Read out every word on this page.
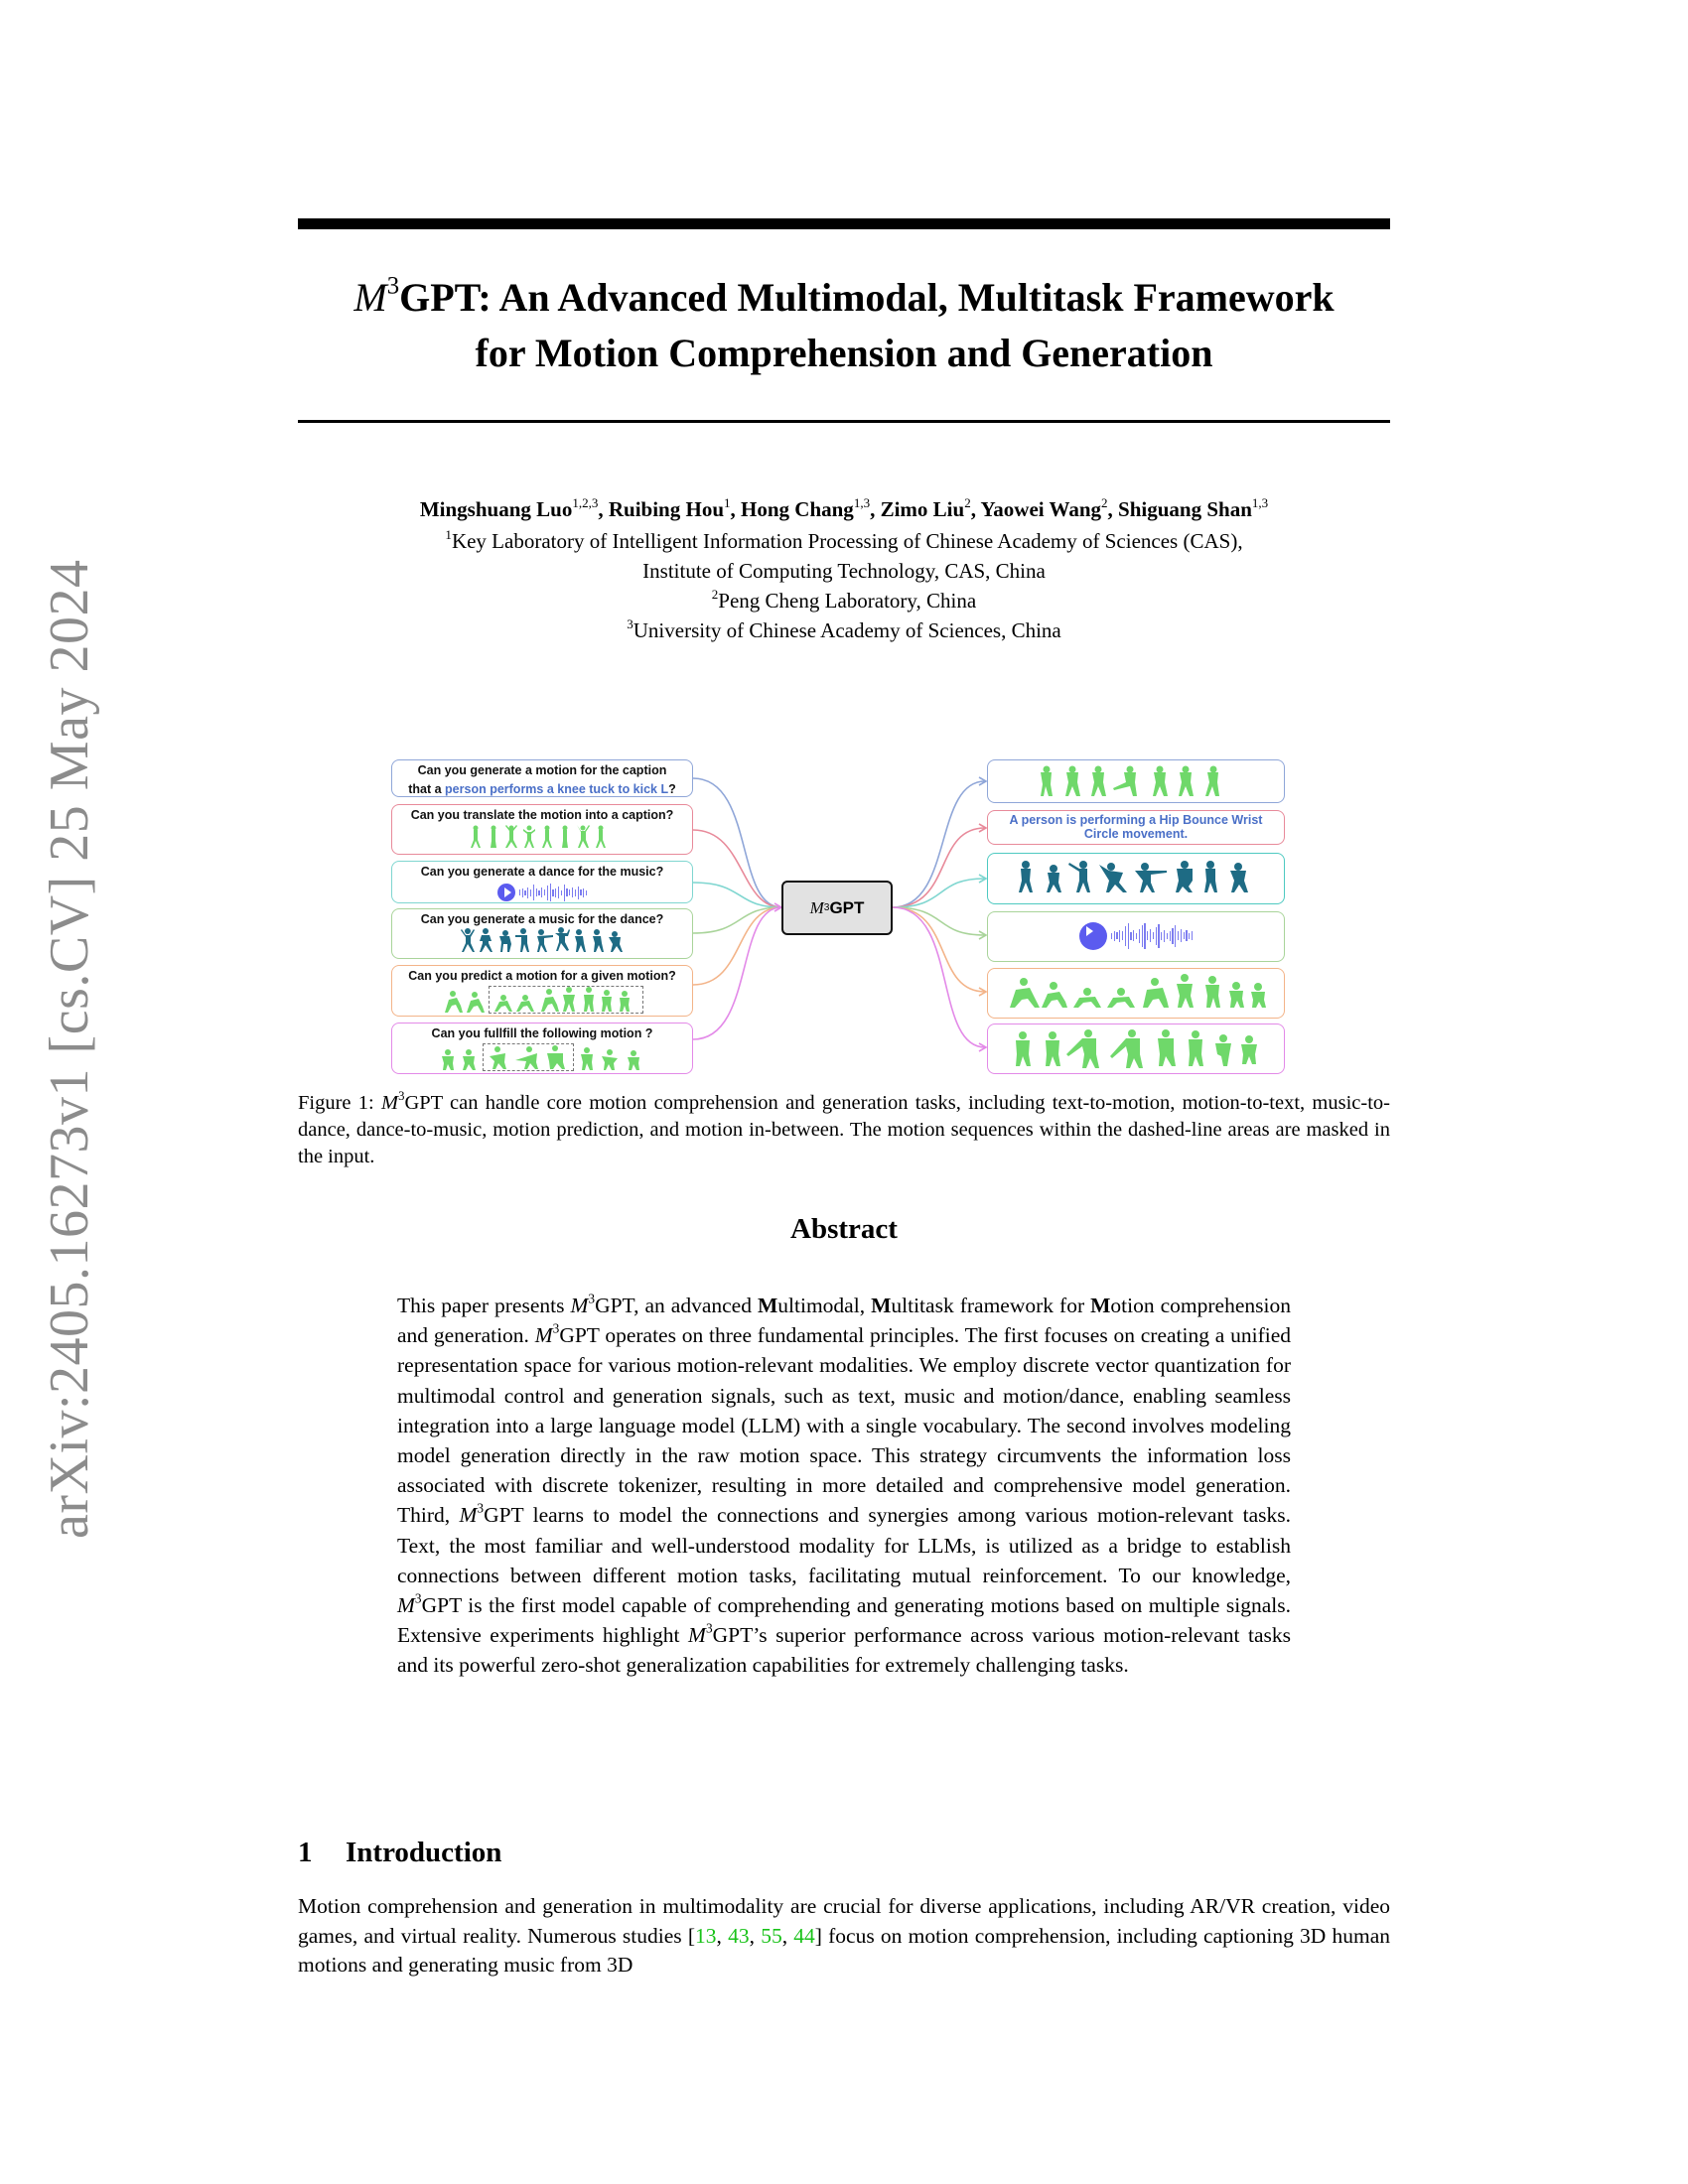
arXiv:2405.16273v1 [cs.CV] 25 May 2024
$M^3GPT$: An Advanced Multimodal, Multitask Framework
for Motion Comprehension and Generation
Mingshuang Luo$^{1,2,3}$, Ruibing Hou$^1$, Hong Chang$^{1,3}$, Zimo Liu$^2$, Yaowei Wang$^2$, Shiguang Shan$^{1,3}$
$^1$Key Laboratory of Intelligent Information Processing of Chinese Academy of Sciences (CAS),
Institute of Computing Technology, CAS, China
$^2$Peng Cheng Laboratory, China
$^3$University of Chinese Academy of Sciences, China
Can you generate a motion for the caption
that a person performs a knee tuck to kick L?
Can you translate the motion into a caption?
Can you generate a dance for the music?
Can you generate a music for the dance?
Can you predict a motion for a given motion?
Can you fullfill the following motion ?
M 3 GPT
A person is performing a Hip Bounce Wrist Circle movement.
Figure 1: $M^3GPT$ can handle core motion comprehension and generation tasks, including text-to-motion, motion-to-text, music-to-dance, dance-to-music, motion prediction, and motion in-between. The motion sequences within the dashed-line areas are masked in the input.
Abstract
This paper presents $M^3GPT$, an advanced Multimodal, Multitask framework for Motion comprehension and generation. $M^3GPT$ operates on three fundamental principles. The first focuses on creating a unified representation space for various motion-relevant modalities. We employ discrete vector quantization for multimodal control and generation signals, such as text, music and motion/dance, enabling seamless integration into a large language model (LLM) with a single vocabulary. The second involves modeling model generation directly in the raw motion space. This strategy circumvents the information loss associated with discrete tokenizer, resulting in more detailed and comprehensive model generation. Third, $M^3GPT$ learns to model the connections and synergies among various motion-relevant tasks. Text, the most familiar and well-understood modality for LLMs, is utilized as a bridge to establish connections between different motion tasks, facilitating mutual reinforcement. To our knowledge, $M^3GPT$ is the first model capable of comprehending and generating motions based on multiple signals. Extensive experiments highlight $M^3GPT’s$ superior performance across various motion-relevant tasks and its powerful zero-shot generalization capabilities for extremely challenging tasks.
1 Introduction
Motion comprehension and generation in multimodality are crucial for diverse applications, including AR/VR creation, video games, and virtual reality. Numerous studies [13, 43, 55, 44] focus on motion comprehension, including captioning 3D human motions and generating music from 3D
